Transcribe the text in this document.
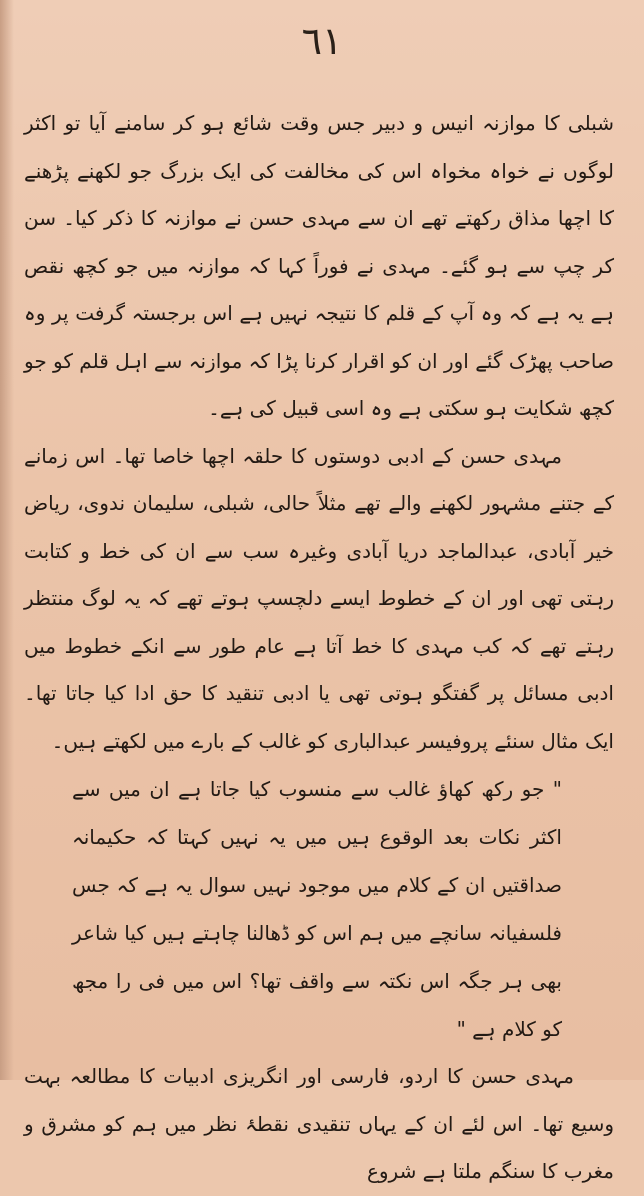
٦١

شبلی کا موازنہ انیس و دبیر جس وقت شائع ہو کر سامنے آیا تو اکثر لوگوں نے خواہ مخواہ اس کی مخالفت کی ایک بزرگ جو لکھنے پڑھنے کا اچھا مذاق رکھتے تھے ان سے مہدی حسن نے موازنہ کا ذکر کیا۔ سن کر چپ سے ہو گئے۔ مہدی نے فوراً کہا کہ موازنہ میں جو کچھ نقص ہے یہ ہے کہ وہ آپ کے قلم کا نتیجہ نہیں ہے اس برجستہ گرفت پر وہ صاحب پھڑک گئے اور ان کو اقرار کرنا پڑا کہ موازنہ سے اہل قلم کو جو کچھ شکایت ہو سکتی ہے وہ اسی قبیل کی ہے۔

مہدی حسن کے ادبی دوستوں کا حلقہ اچھا خاصا تھا۔ اس زمانے کے جتنے مشہور لکھنے والے تھے مثلاً حالی، شبلی، سلیمان ندوی، ریاض خیر آبادی، عبدالماجد دریا آبادی وغیرہ سب سے ان کی خط و کتابت رہتی تھی اور ان کے خطوط ایسے دلچسپ ہوتے تھے کہ یہ لوگ منتظر رہتے تھے کہ کب مہدی کا خط آتا ہے عام طور سے انکے خطوط میں ادبی مسائل پر گفتگو ہوتی تھی یا ادبی تنقید کا حق ادا کیا جاتا تھا۔ ایک مثال سنئے پروفیسر عبدالباری کو غالب کے بارے میں لکھتے ہیں۔

" جو رکھ کھاؤ غالب سے منسوب کیا جاتا ہے ان میں سے اکثر نکات بعد الوقوع ہیں میں یہ نہیں کہتا کہ حکیمانہ صداقتیں ان کے کلام میں موجود نہیں سوال یہ ہے کہ جس فلسفیانہ سانچے میں ہم اس کو ڈھالنا چاہتے ہیں کیا شاعر بھی ہر جگہ اس نکتہ سے واقف تھا؟ اس میں فی را مجھ کو کلام ہے "

مہدی حسن کا اردو، فارسی اور انگریزی ادبیات کا مطالعہ بہت وسیع تھا۔ اس لئے ان کے یہاں تنقیدی نقطۂ نظر میں ہم کو مشرق و مغرب کا سنگم ملتا ہے شروع
